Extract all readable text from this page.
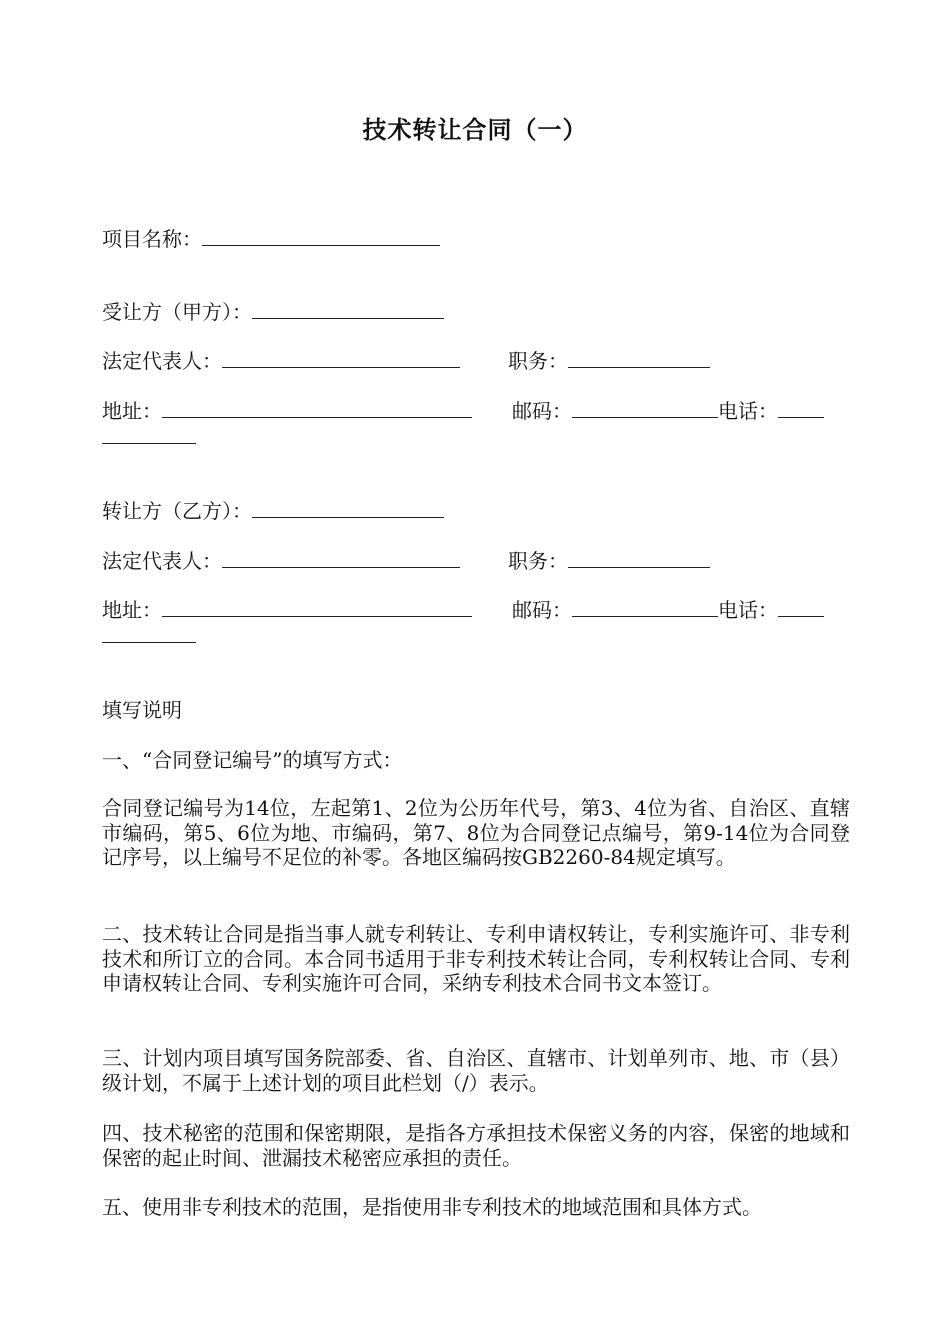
技术转让合同（一）
项目名称：
受让方（甲方）：
法定代表人：	职务：
地址：	邮码：	电话：
转让方（乙方）：
法定代表人：	职务：
地址：	邮码：	电话：
填写说明
一、“合同登记编号”的填写方式：
合同登记编号为14位，左起第1、2位为公历年代号，第3、4位为省、自治区、直辖市编码，第5、6位为地、市编码，第7、8位为合同登记点编号，第9-14位为合同登记序号，以上编号不足位的补零。各地区编码按GB2260-84规定填写。
二、技术转让合同是指当事人就专利转让、专利申请权转让，专利实施许可、非专利技术和所订立的合同。本合同书适用于非专利技术转让合同，专利权转让合同、专利申请权转让合同、专利实施许可合同，采纳专利技术合同书文本签订。
三、计划内项目填写国务院部委、省、自治区、直辖市、计划单列市、地、市（县）级计划，不属于上述计划的项目此栏划（/）表示。
四、技术秘密的范围和保密期限，是指各方承担技术保密义务的内容，保密的地域和保密的起止时间、泄漏技术秘密应承担的责任。
五、使用非专利技术的范围，是指使用非专利技术的地域范围和具体方式。
